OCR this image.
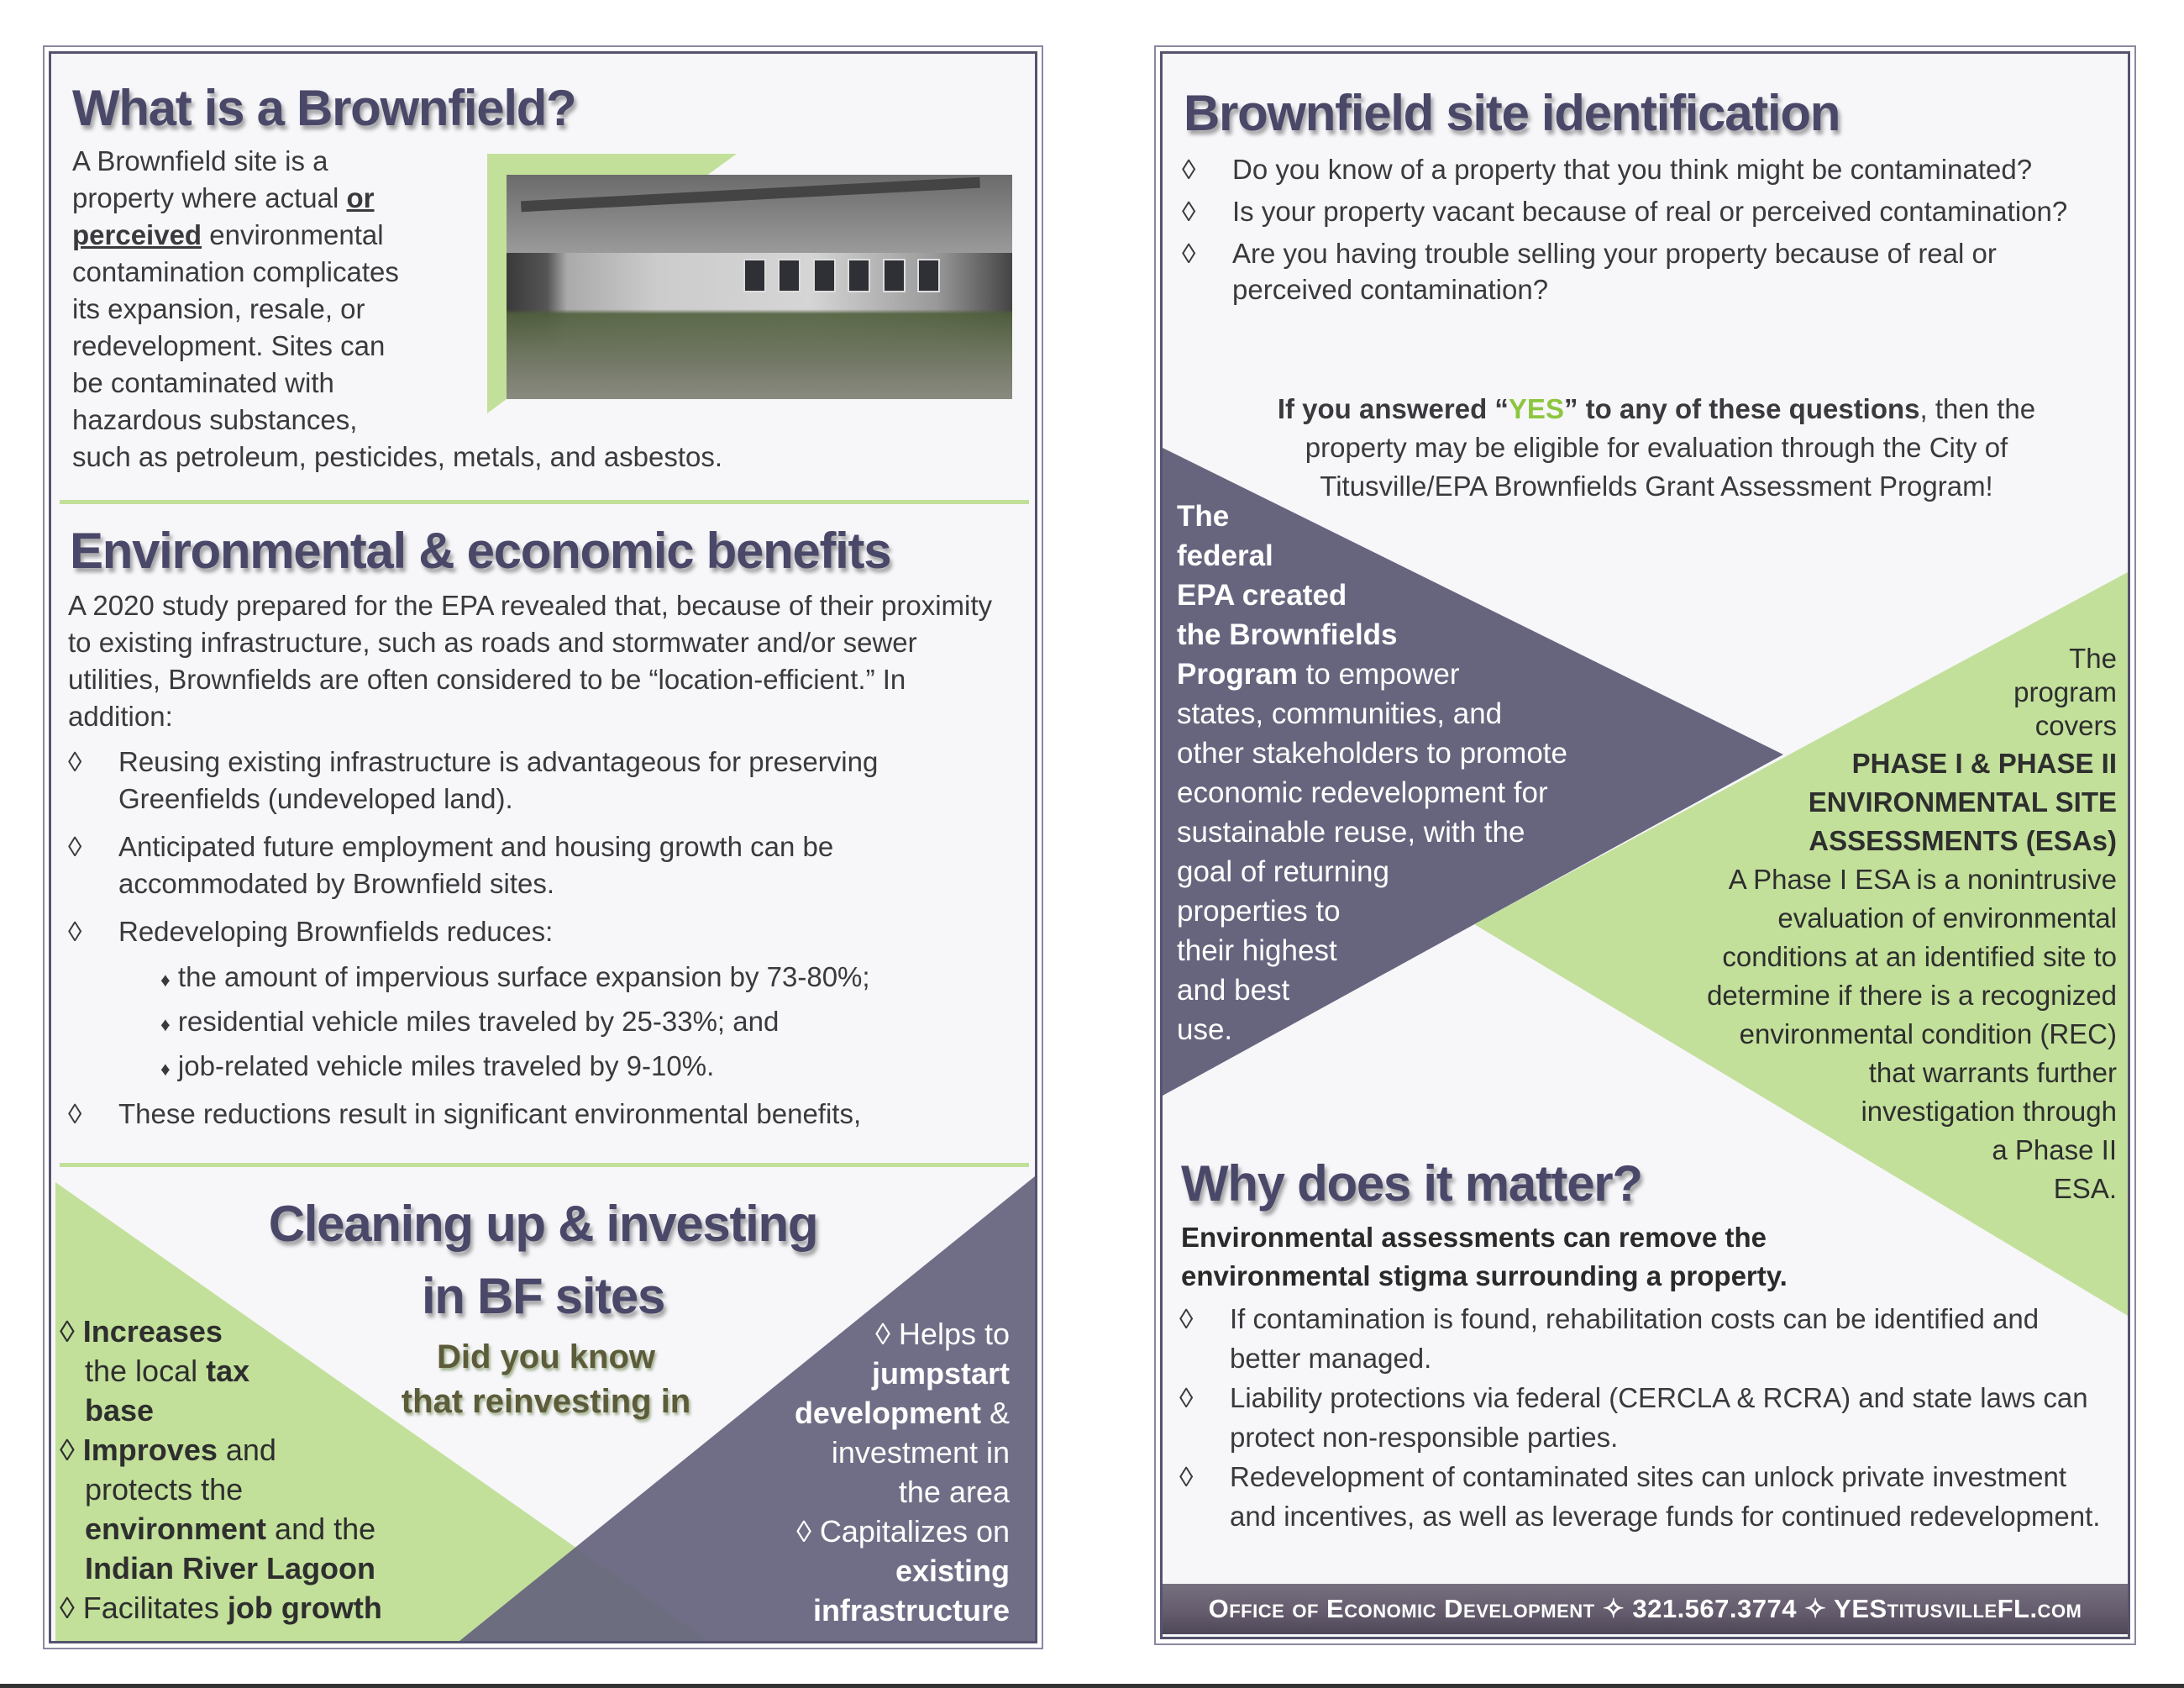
What is a Brownfield?
A Brownfield site is a
property where actual or
perceived environmental
contamination complicates
its expansion, resale, or
redevelopment. Sites can
be contaminated with
hazardous substances,
such as petroleum, pesticides, metals, and asbestos.
Environmental & economic benefits
A 2020 study prepared for the EPA revealed that, because of their proximity to existing infrastructure, such as roads and stormwater and/or sewer utilities, Brownfields are often considered to be “location-efficient.” In addition:
◊ Reusing existing infrastructure is advantageous for preserving Greenfields (undeveloped land).
◊ Anticipated future employment and housing growth can be accommodated by Brownfield sites.
◊ Redeveloping Brownfields reduces:
♦ the amount of impervious surface expansion by 73-80%;
♦ residential vehicle miles traveled by 25-33%; and
♦ job-related vehicle miles traveled by 9-10%.
◊ These reductions result in significant environmental benefits,
Cleaning up & investing
in BF sites
Did you know
that reinvesting in
◊ Increases
the local tax
base
◊ Improves and
protects the
environment and the
Indian River Lagoon
◊ Facilitates job growth
◊ Helps to
jumpstart
development &
investment in
the area
◊ Capitalizes on
existing
infrastructure
Brownfield site identification
◊ Do you know of a property that you think might be contaminated?
◊ Is your property vacant because of real or perceived contamination?
◊ Are you having trouble selling your property because of real or perceived contamination?
If you answered “YES” to any of these questions, then the property may be eligible for evaluation through the City of Titusville/EPA Brownfields Grant Assessment Program!
The
federal
EPA created
the Brownfields
Program to empower
states, communities, and
other stakeholders to promote
economic redevelopment for
sustainable reuse, with the
goal of returning
properties to
their highest
and best
use.
The
program
covers
PHASE I & PHASE II
ENVIRONMENTAL SITE
ASSESSMENTS (ESAs)
A Phase I ESA is a nonintrusive
evaluation of environmental
conditions at an identified site to
determine if there is a recognized
environmental condition (REC)
that warrants further
investigation through
a Phase II
ESA.
Why does it matter?
Environmental assessments can remove the environmental stigma surrounding a property.
◊ If contamination is found, rehabilitation costs can be identified and better managed.
◊ Liability protections via federal (CERCLA & RCRA) and state laws can protect non-responsible parties.
◊ Redevelopment of contaminated sites can unlock private investment and incentives, as well as leverage funds for continued redevelopment.
Office of Economic Development ✧ 321.567.3774 ✧ YEStitusvilleFL.com
